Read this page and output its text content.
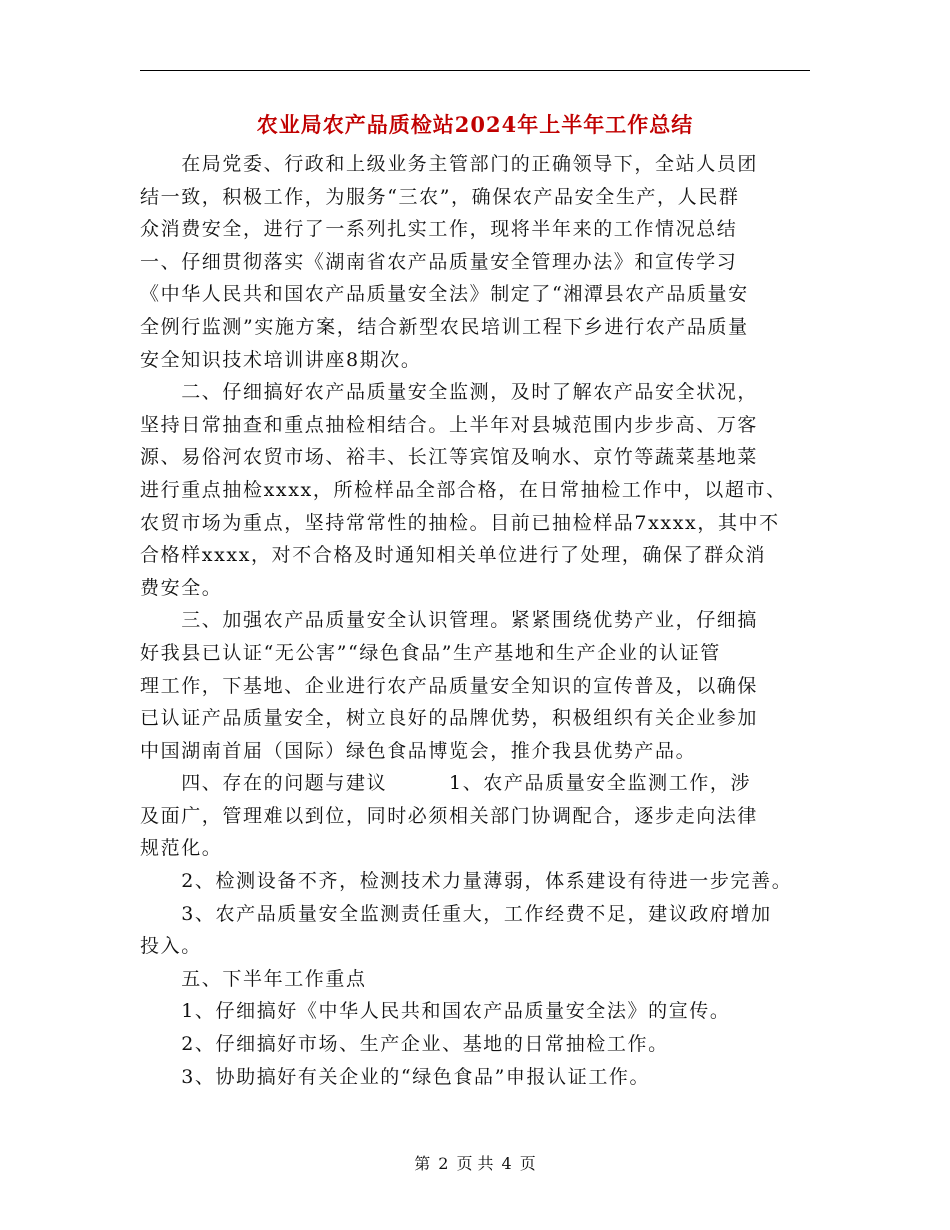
农业局农产品质检站2024年上半年工作总结
　　在局党委、行政和上级业务主管部门的正确领导下，全站人员团
结一致，积极工作，为服务“三农”，确保农产品安全生产，人民群
众消费安全，进行了一系列扎实工作，现将半年来的工作情况总结
一、仔细贯彻落实《湖南省农产品质量安全管理办法》和宣传学习
《中华人民共和国农产品质量安全法》制定了“湘潭县农产品质量安
全例行监测”实施方案，结合新型农民培训工程下乡进行农产品质量
安全知识技术培训讲座8期次。
　　二、仔细搞好农产品质量安全监测，及时了解农产品安全状况，
坚持日常抽查和重点抽检相结合。上半年对县城范围内步步高、万客
源、易俗河农贸市场、裕丰、长江等宾馆及响水、京竹等蔬菜基地菜
进行重点抽检xxxx，所检样品全部合格，在日常抽检工作中，以超市、
农贸市场为重点，坚持常常性的抽检。目前已抽检样品7xxxx，其中不
合格样xxxx，对不合格及时通知相关单位进行了处理，确保了群众消
费安全。
　　三、加强农产品质量安全认识管理。紧紧围绕优势产业，仔细搞
好我县已认证“无公害”“绿色食品”生产基地和生产企业的认证管
理工作，下基地、企业进行农产品质量安全知识的宣传普及，以确保
已认证产品质量安全，树立良好的品牌优势，积极组织有关企业参加
中国湖南首届（国际）绿色食品博览会，推介我县优势产品。
　　四、存在的问题与建议　　　1、农产品质量安全监测工作，涉
及面广，管理难以到位，同时必须相关部门协调配合，逐步走向法律
规范化。
　　2、检测设备不齐，检测技术力量薄弱，体系建设有待进一步完善。
　　3、农产品质量安全监测责任重大，工作经费不足，建议政府增加
投入。
　　五、下半年工作重点
　　1、仔细搞好《中华人民共和国农产品质量安全法》的宣传。
　　2、仔细搞好市场、生产企业、基地的日常抽检工作。
　　3、协助搞好有关企业的“绿色食品”申报认证工作。
第 2 页 共 4 页
